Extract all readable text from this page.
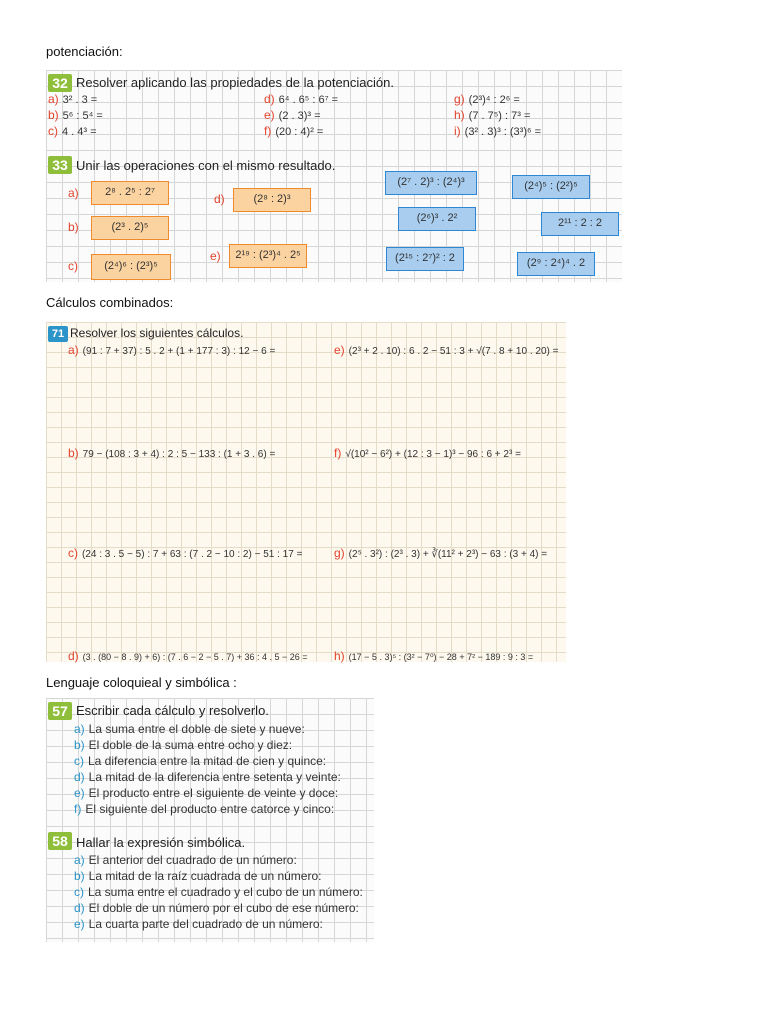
potenciación:
Cálculos combinados:
Lenguaje coloquieal y simbólica :
32 Resolver aplicando las propiedades de la potenciación.
a) 3² . 3 =
b) 5⁶ : 5⁴ =
c) 4 . 4³ =
d) 6⁴ . 6⁵ : 6⁷ =
e) (2 . 3)³ =
f) (20 : 4)² =
g) (2³)⁴ : 2⁶ =
h) (7 . 7⁵) : 7³ =
i) (3² . 3)³ : (3³)⁶ =
33 Unir las operaciones con el mismo resultado.
a)
b)
c)
d)
e)
2⁸ . 2⁵ : 2⁷
(2³ . 2)⁵
(2⁴)⁶ : (2³)⁵
(2⁸ : 2)³
2¹⁹ : (2³)⁴ . 2⁵
(2⁷ . 2)³ : (2⁴)³	(2⁴)⁵ : (2²)⁵
(2⁶)³ . 2²	2¹¹ : 2 : 2
(2¹⁵ : 2⁷)² : 2	(2⁹ : 2⁴)⁴ . 2
71 Resolver los siguientes cálculos.
a) (91 : 7 + 37) : 5 . 2 + (1 + 177 : 3) : 12 − 6 =	e) (2³ + 2 . 10) : 6 . 2 − 51 : 3 + √(7 . 8 + 10 . 20) =
b) 79 − (108 : 3 + 4) : 2 : 5 − 133 : (1 + 3 . 6) =	f) √(10² − 6²) + (12 : 3 − 1)³ − 96 : 6 + 2³ =
c) (24 : 3 . 5 − 5) : 7 + 63 : (7 . 2 − 10 : 2) − 51 : 17 =	g) (2⁵ . 3²) : (2³ . 3) + ∛(11² + 2³) − 63 : (3 + 4) =
d) (3 . (80 − 8 . 9) + 6) : (7 . 6 − 2 − 5 . 7) + 36 : 4 . 5 − 26 = h) (17 − 5 . 3)⁵ : (3² − 7⁰) − 28 + 7² − 189 : 9 : 3 =
57 Escribir cada cálculo y resolverlo.
a) La suma entre el doble de siete y nueve:
b) El doble de la suma entre ocho y diez:
c) La diferencia entre la mitad de cien y quince:
d) La mitad de la diferencia entre setenta y veinte:
e) El producto entre el siguiente de veinte y doce:
f) El siguiente del producto entre catorce y cinco:
58 Hallar la expresión simbólica.
a) El anterior del cuadrado de un número:
b) La mitad de la raíz cuadrada de un número:
c) La suma entre el cuadrado y el cubo de un número:
d) El doble de un número por el cubo de ese número:
e) La cuarta parte del cuadrado de un número:
